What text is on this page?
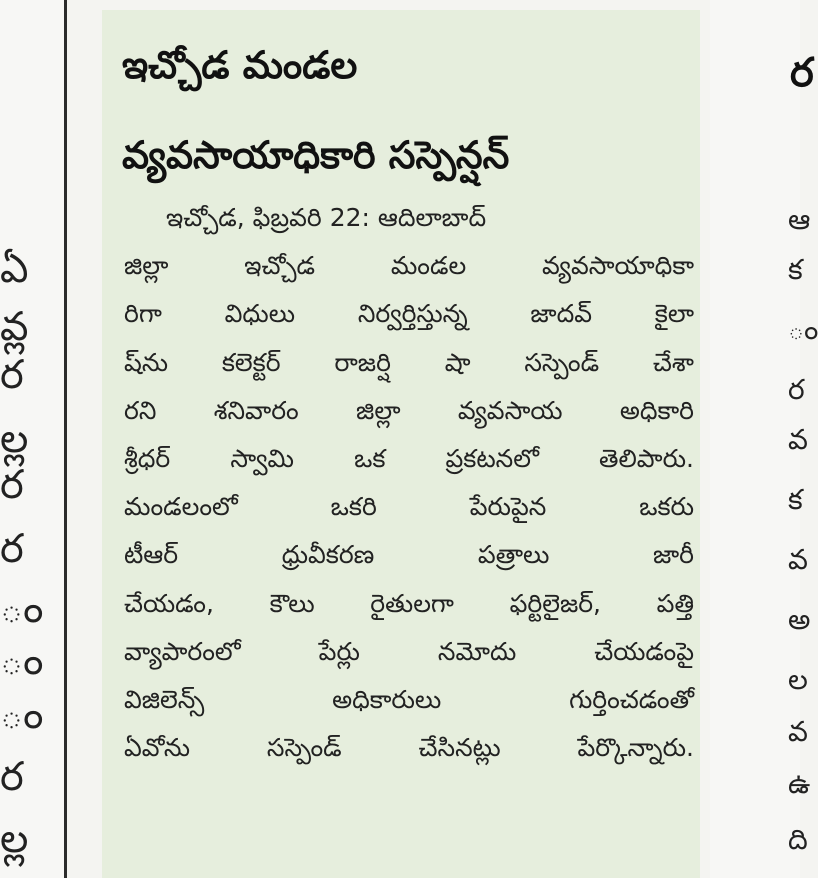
ఏ
వ్ల
ర
ల్ల
ర
ర
ం
ం
ం
ర
ల్ల
ఇచ్చోడ మండల
వ్యవసాయాధికారి సస్పెన్షన్
ఇచ్చోడ, ఫిబ్రవరి 22: ఆదిలాబాద్
జిల్లా ఇచ్చోడ మండల వ్యవసాయాధికా
రిగా విధులు నిర్వర్తిస్తున్న జాదవ్ కైలా
ష్‌ను కలెక్టర్ రాజర్షి షా సస్పెండ్ చేశా
రని శనివారం జిల్లా వ్యవసాయ అధికారి
శ్రీధర్ స్వామి ఒక ప్రకటనలో తెలిపారు.
మండలంలో ఒకరి పేరుపైన ఒకరు
టీఆర్ ధ్రువీకరణ పత్రాలు జారీ
చేయడం, కౌలు రైతులగా ఫర్టిలైజర్, పత్తి
వ్యాపారంలో పేర్లు నమోదు చేయడంపై
విజిలెన్స్ అధికారులు గుర్తించడంతో
ఏవోను సస్పెండ్ చేసినట్లు పేర్కొన్నారు.
ర
ఆ
క
ం
ర
వ
క
వ
అ
ల
వ
ఉ
ది
